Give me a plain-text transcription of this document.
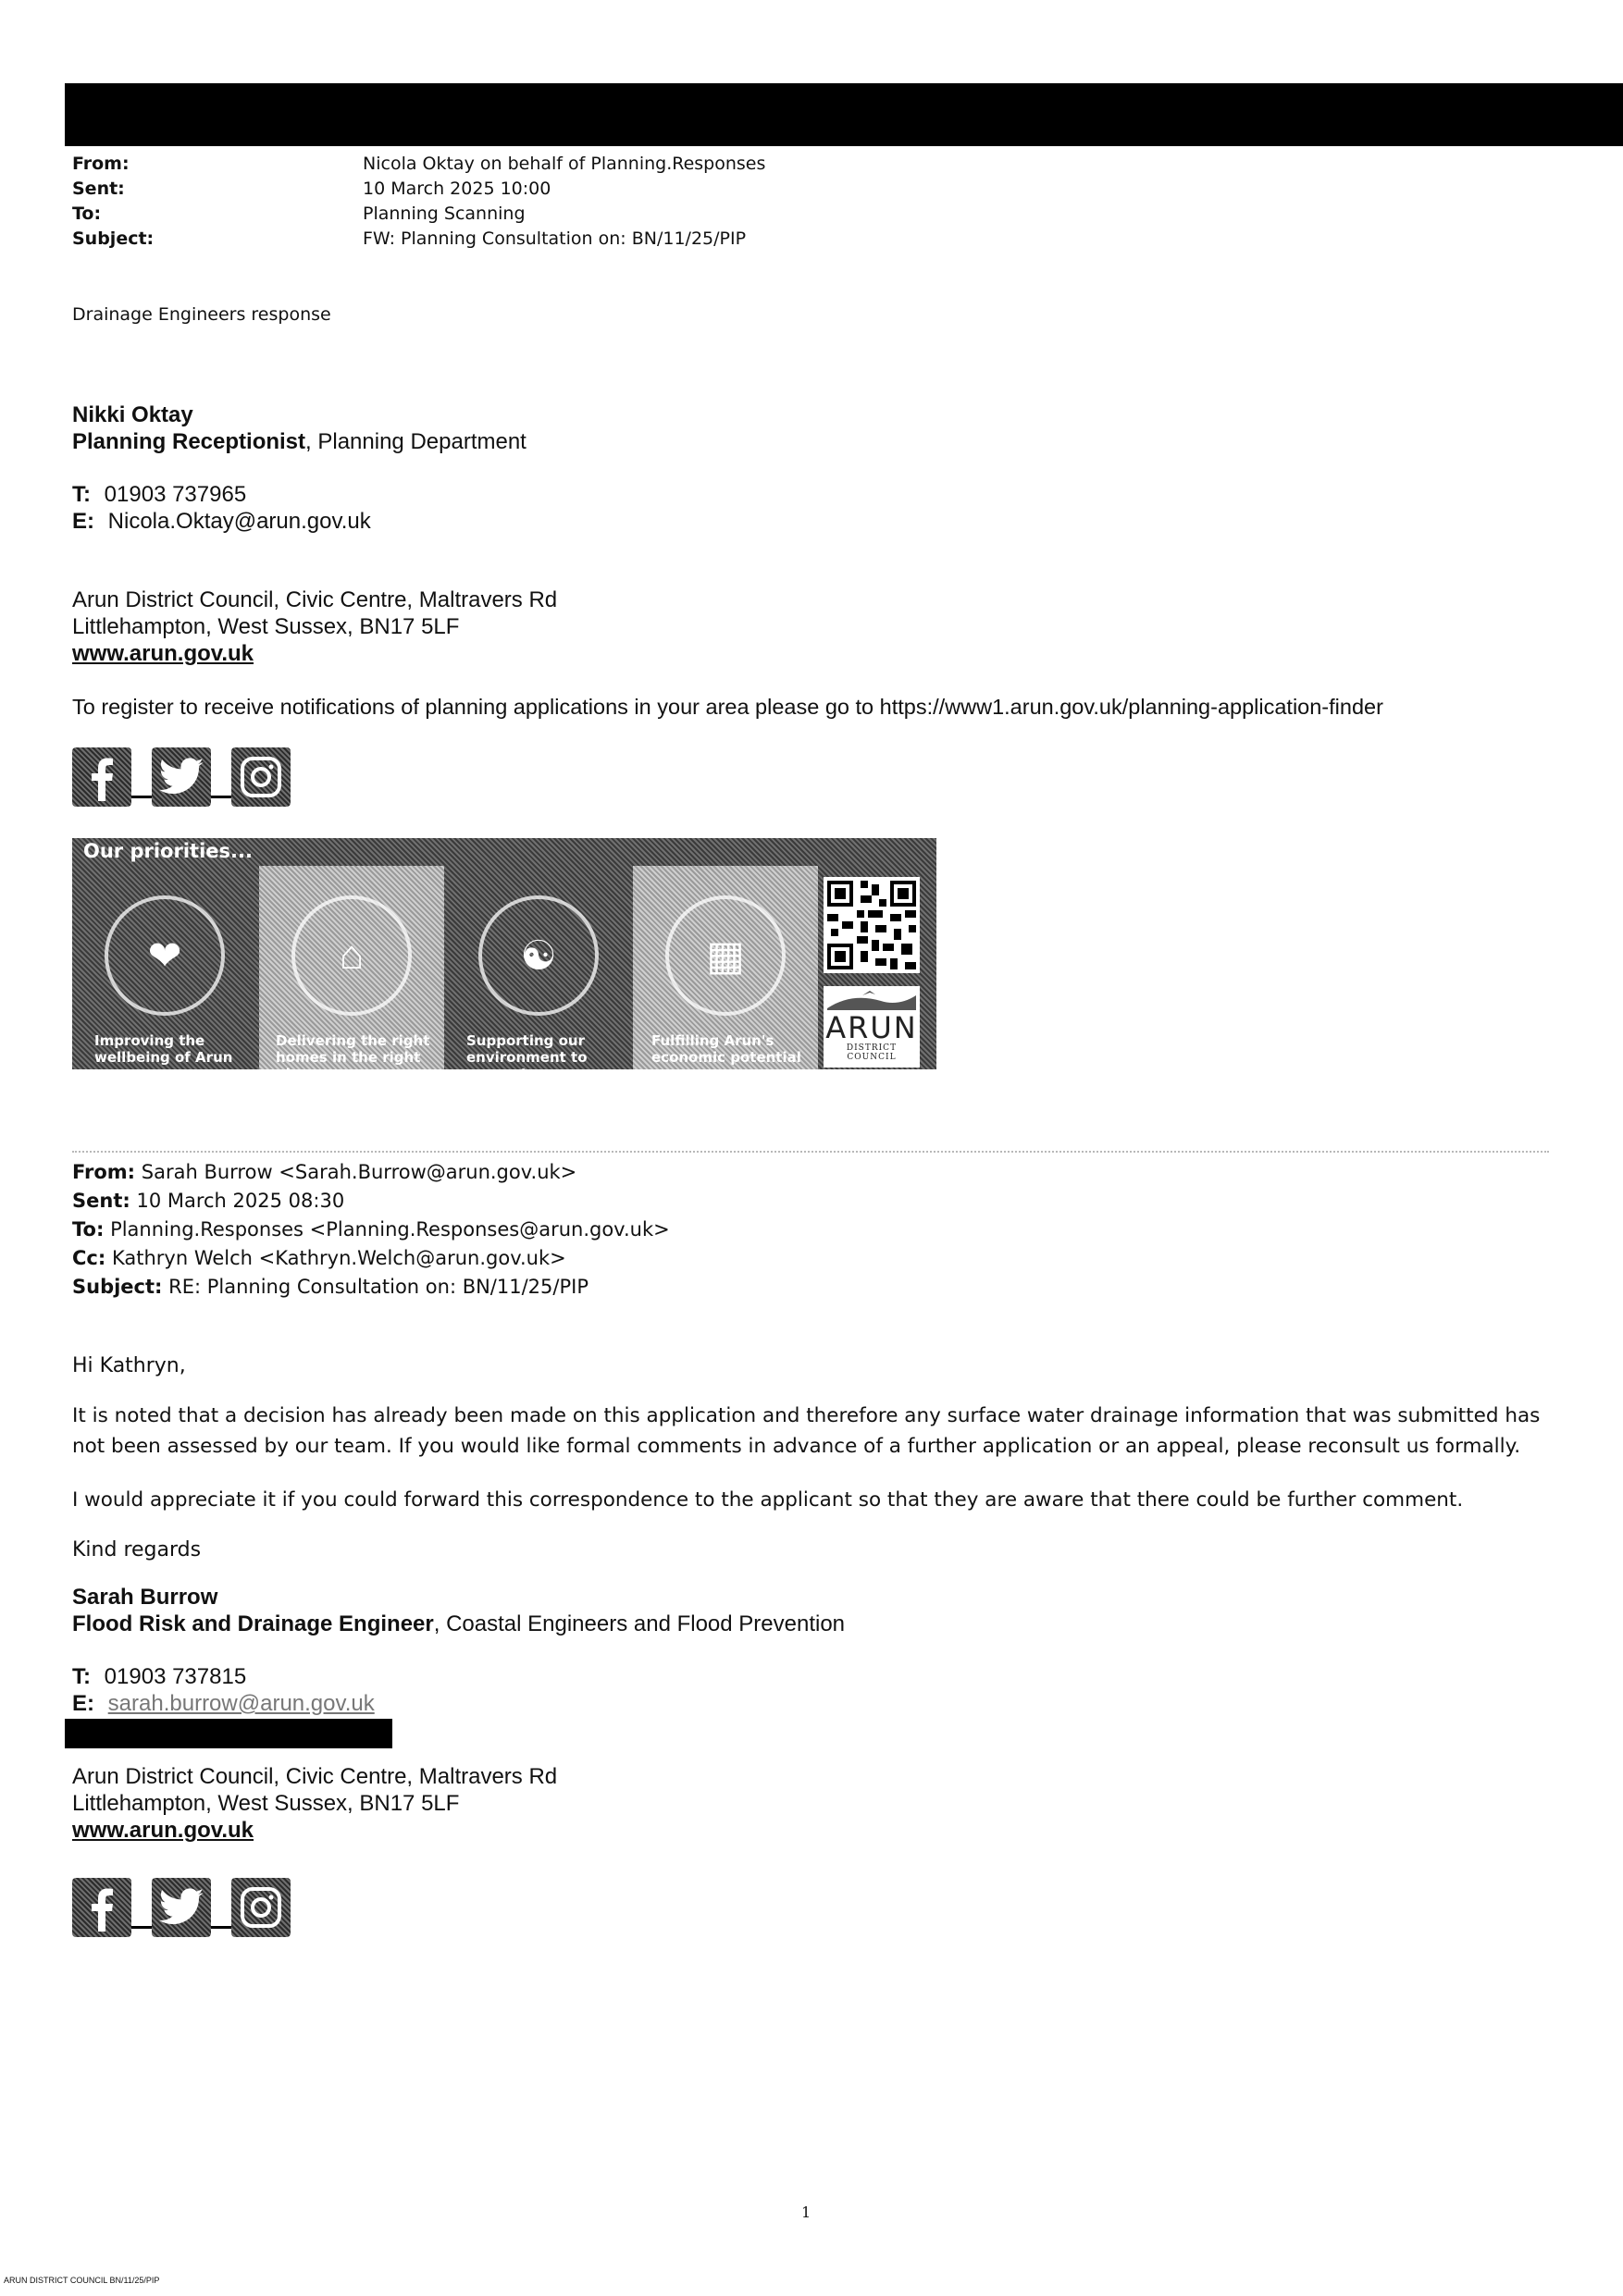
From:	Nicola Oktay on behalf of Planning.Responses
Sent:	10 March 2025 10:00
To:	Planning Scanning
Subject:	FW: Planning Consultation on: BN/11/25/PIP
Drainage Engineers response
Nikki Oktay
Planning Receptionist, Planning Department
T: 01903 737965
E: Nicola.Oktay@arun.gov.uk
Arun District Council, Civic Centre, Maltravers Rd
Littlehampton, West Sussex, BN17 5LF
www.arun.gov.uk
To register to receive notifications of planning applications in your area please go to https://www1.arun.gov.uk/planning-application-finder
Our priorities...
❤
Improving the wellbeing of Arun
⌂
Delivering the right homes in the right places
☯
Supporting our environment to support us
▦
Fulfilling Arun's economic potential
ARUN
DISTRICT COUNCIL
From: Sarah Burrow <Sarah.Burrow@arun.gov.uk>
Sent: 10 March 2025 08:30
To: Planning.Responses <Planning.Responses@arun.gov.uk>
Cc: Kathryn Welch <Kathryn.Welch@arun.gov.uk>
Subject: RE: Planning Consultation on: BN/11/25/PIP
Hi Kathryn,
It is noted that a decision has already been made on this application and therefore any surface water drainage information that was submitted has
not been assessed by our team. If you would like formal comments in advance of a further application or an appeal, please reconsult us formally.
I would appreciate it if you could forward this correspondence to the applicant so that they are aware that there could be further comment.
Kind regards
Sarah Burrow
Flood Risk and Drainage Engineer, Coastal Engineers and Flood Prevention
T: 01903 737815
E: sarah.burrow@arun.gov.uk
Arun District Council, Civic Centre, Maltravers Rd
Littlehampton, West Sussex, BN17 5LF
www.arun.gov.uk
1
ARUN DISTRICT COUNCIL BN/11/25/PIP
